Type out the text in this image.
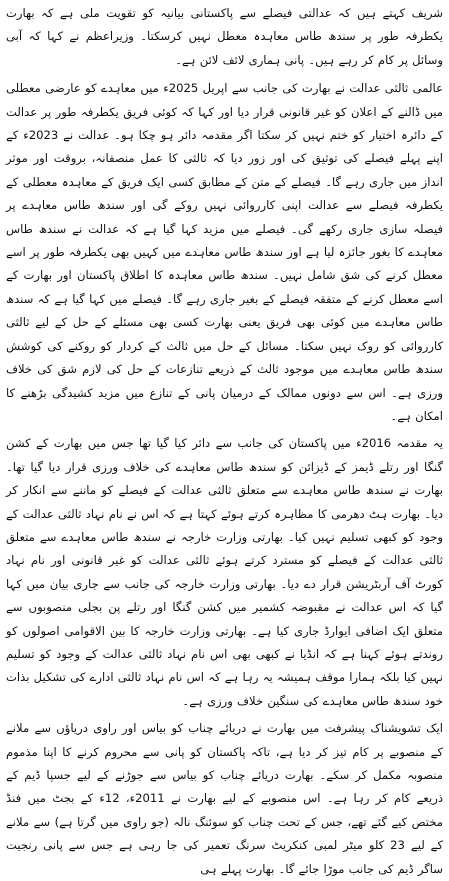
شریف کہتے ہیں کہ عدالتی فیصلے سے پاکستانی بیانیہ کو تقویت ملی ہے کہ بھارت یکطرفہ طور پر سندھ طاس معاہدہ معطل نہیں کرسکتا۔ وزیراعظم نے کہا کہ آبی وسائل پر کام کر رہے ہیں۔ پانی ہماری لائف لائن ہے۔

عالمی ثالثی عدالت نے بھارت کی جانب سے اپریل 2025ء میں معاہدے کو عارضی معطلی میں ڈالنے کے اعلان کو غیر قانونی قرار دیا اور کہا کہ کوئی فریق یکطرفہ طور پر عدالت کے دائرہ اختیار کو ختم نہیں کر سکتا اگر مقدمہ دائر ہو چکا ہو۔ عدالت نے 2023ء کے اپنے پہلے فیصلے کی توثیق کی اور زور دیا کہ ثالثی کا عمل منصفانہ، بروقت اور موثر انداز میں جاری رہے گا۔ فیصلے کے متن کے مطابق کسی ایک فریق کے معاہدہ معطلی کے یکطرفہ فیصلے سے عدالت اپنی کارروائی نہیں روکے گی اور سندھ طاس معاہدے پر فیصلہ سازی جاری رکھے گی۔ فیصلے میں مزید کہا گیا ہے کہ عدالت نے سندھ طاس معاہدے کا بغور جائزہ لیا ہے اور سندھ طاس معاہدے میں کہیں بھی یکطرفہ طور پر اسے معطل کرنے کی شق شامل نہیں۔ سندھ طاس معاہدہ کا اطلاق پاکستان اور بھارت کے اسے معطل کرنے کے متفقہ فیصلے کے بغیر جاری رہے گا۔ فیصلے میں کہا گیا ہے کہ سندھ طاس معاہدے میں کوئی بھی فریق یعنی بھارت کسی بھی مسئلے کے حل کے لیے ثالثی کارروائی کو روک نہیں سکتا۔ مسائل کے حل میں ثالث کے کردار کو روکنے کی کوشش سندھ طاس معاہدے میں موجود ثالث کے ذریعے تنازعات کے حل کی لازم شق کی خلاف ورزی ہے۔ اس سے دونوں ممالک کے درمیان پانی کے تنازع میں مزید کشیدگی بڑھنے کا امکان ہے۔

یہ مقدمہ 2016ء میں پاکستان کی جانب سے دائر کیا گیا تھا جس میں بھارت کے کشن گنگا اور رتلے ڈیمز کے ڈیزائن کو سندھ طاس معاہدے کی خلاف ورزی قرار دیا گیا تھا۔ بھارت نے سندھ طاس معاہدے سے متعلق ثالثی عدالت کے فیصلے کو ماننے سے انکار کر دیا۔ بھارت ہٹ دھرمی کا مظاہرہ کرتے ہوئے کہتا ہے کہ اس نے نام نہاد ثالثی عدالت کے وجود کو کبھی تسلیم نہیں کیا۔ بھارتی وزارت خارجہ نے سندھ طاس معاہدے سے متعلق ثالثی عدالت کے فیصلے کو مسترد کرتے ہوئے ثالثی عدالت کو غیر قانونی اور نام نہاد کورٹ آف آربٹریشن قرار دے دیا۔ بھارتی وزارت خارجہ کی جانب سے جاری بیان میں کہا گیا کہ اس عدالت نے مقبوضہ کشمیر میں کشن گنگا اور رتلے پن بجلی منصوبوں سے متعلق ایک اضافی ایوارڈ جاری کیا ہے۔ بھارتی وزارت خارجہ کا بین الاقوامی اصولوں کو روندتے ہوئے کہنا ہے کہ انڈیا نے کبھی بھی اس نام نہاد ثالثی عدالت کے وجود کو تسلیم نہیں کیا بلکہ ہمارا موقف ہمیشہ یہ رہا ہے کہ اس نام نہاد ثالثی ادارے کی تشکیل بذات خود سندھ طاس معاہدے کی سنگین خلاف ورزی ہے۔

ایک تشویشناک پیشرفت میں بھارت نے دریائے چناب کو بیاس اور راوی دریاؤں سے ملانے کے منصوبے پر کام تیز کر دیا ہے، تاکہ پاکستان کو پانی سے محروم کرنے کا اپنا مذموم منصوبہ مکمل کر سکے۔ بھارت دریائے چناب کو بیاس سے جوڑنے کے لیے جسپا ڈیم کے ذریعے کام کر رہا ہے۔ اس منصوبے کے لیے بھارت نے 2011ء، 12ء کے بجٹ میں فنڈ مختص کیے گئے تھے، جس کے تحت چناب کو سوئنگ نالہ (جو راوی میں گرتا ہے) سے ملانے کے لیے 23 کلو میٹر لمبی کنکریٹ سرنگ تعمیر کی جا رہی ہے جس سے پانی رنجیت ساگر ڈیم کی جانب موڑا جائے گا۔ بھارت پہلے ہی
